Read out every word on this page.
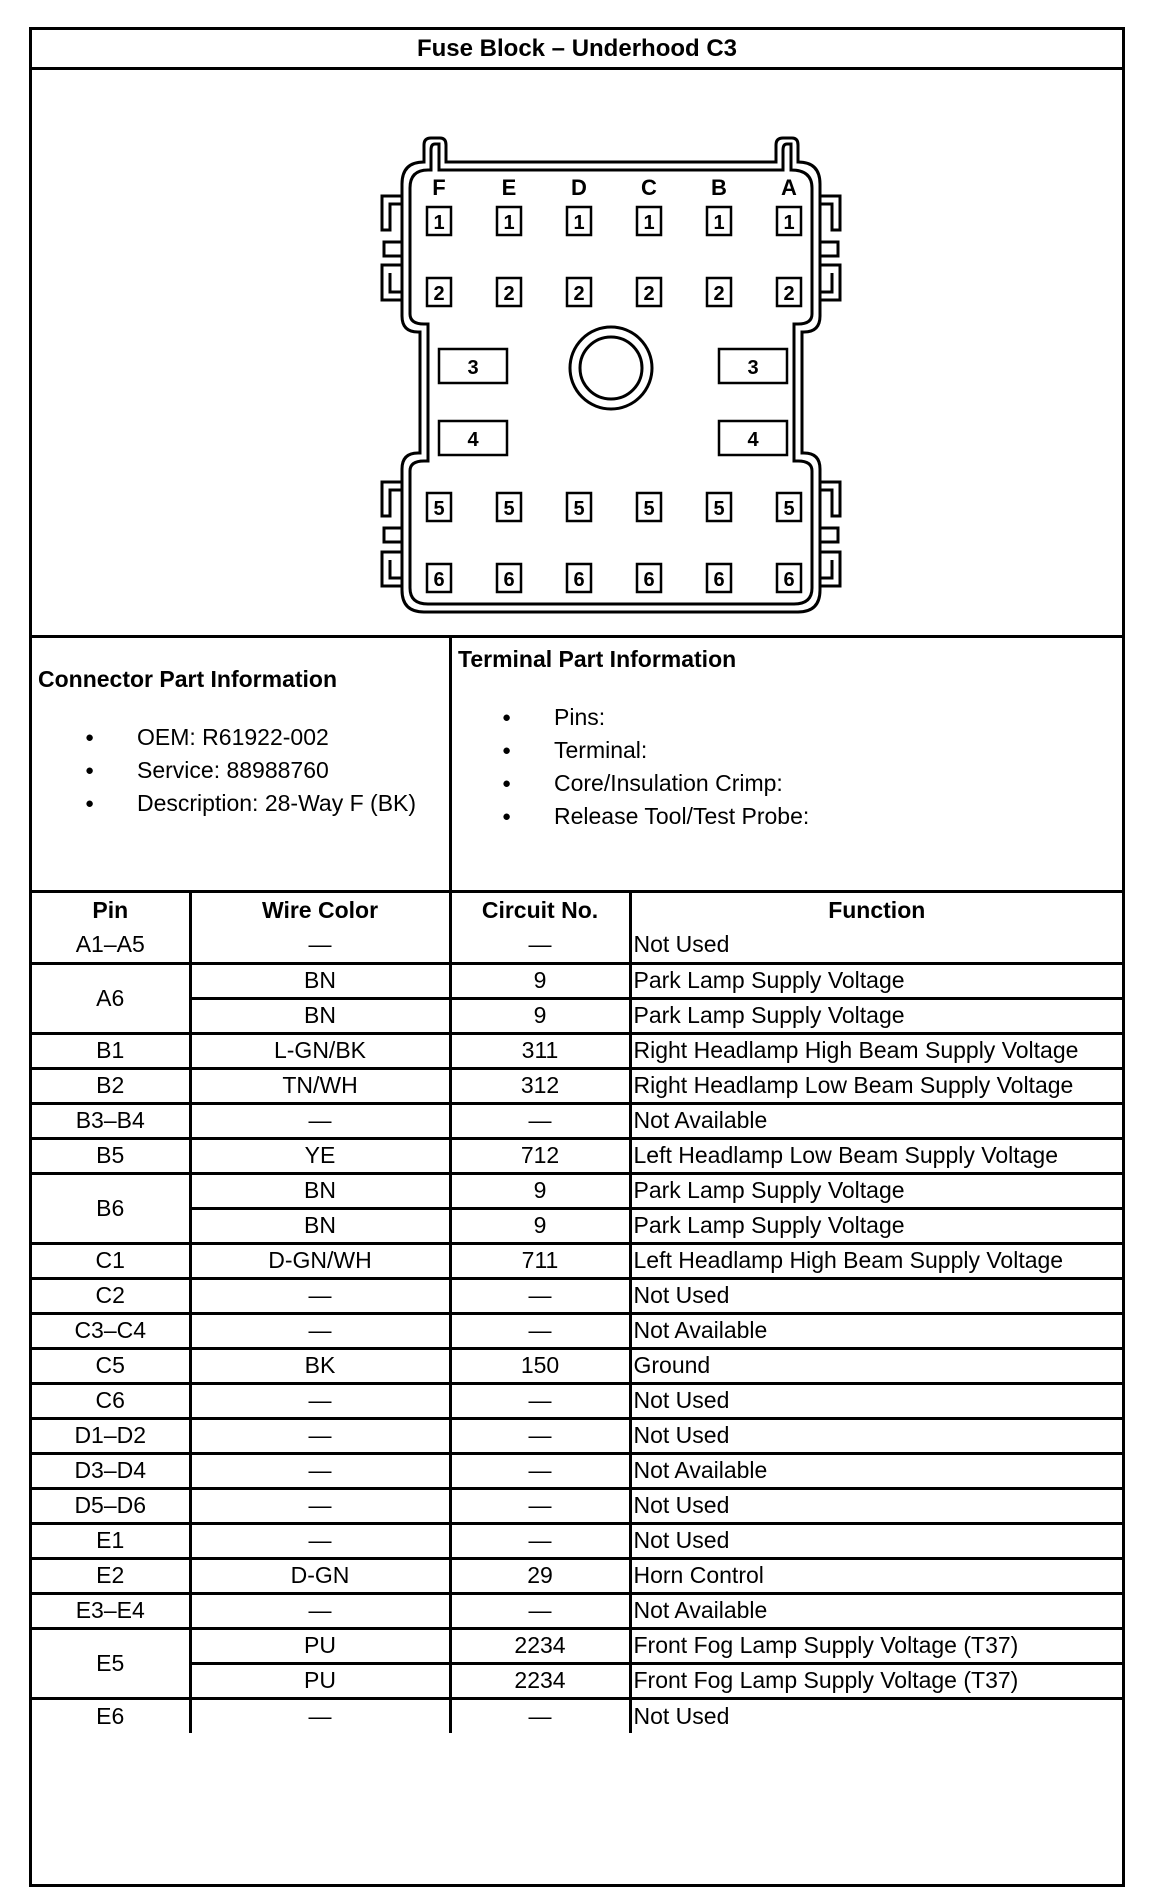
Fuse Block – Underhood C3
F
1
2
5
6
E
1
2
5
6
D
1
2
5
6
C
1
2
5
6
B
1
2
5
6
A
1
2
5
6
3
4
3
4
Connector Part Information
● OEM: R61922-002
● Service: 88988760
● Description: 28-Way F (BK)
Terminal Part Information
● Pins:
● Terminal:
● Core/Insulation Crimp:
● Release Tool/Test Probe:
Pin	Wire Color	Circuit No.	Function
A1–A5	—	—	Not Used
A6	BN	9	Park Lamp Supply Voltage
	BN	9	Park Lamp Supply Voltage
B1	L-GN/BK	311	Right Headlamp High Beam Supply Voltage
B2	TN/WH	312	Right Headlamp Low Beam Supply Voltage
B3–B4	—	—	Not Available
B5	YE	712	Left Headlamp Low Beam Supply Voltage
B6	BN	9	Park Lamp Supply Voltage
	BN	9	Park Lamp Supply Voltage
C1	D-GN/WH	711	Left Headlamp High Beam Supply Voltage
C2	—	—	Not Used
C3–C4	—	—	Not Available
C5	BK	150	Ground
C6	—	—	Not Used
D1–D2	—	—	Not Used
D3–D4	—	—	Not Available
D5–D6	—	—	Not Used
E1	—	—	Not Used
E2	D-GN	29	Horn Control
E3–E4	—	—	Not Available
E5	PU	2234	Front Fog Lamp Supply Voltage (T37)
	PU	2234	Front Fog Lamp Supply Voltage (T37)
E6	—	—	Not Used
